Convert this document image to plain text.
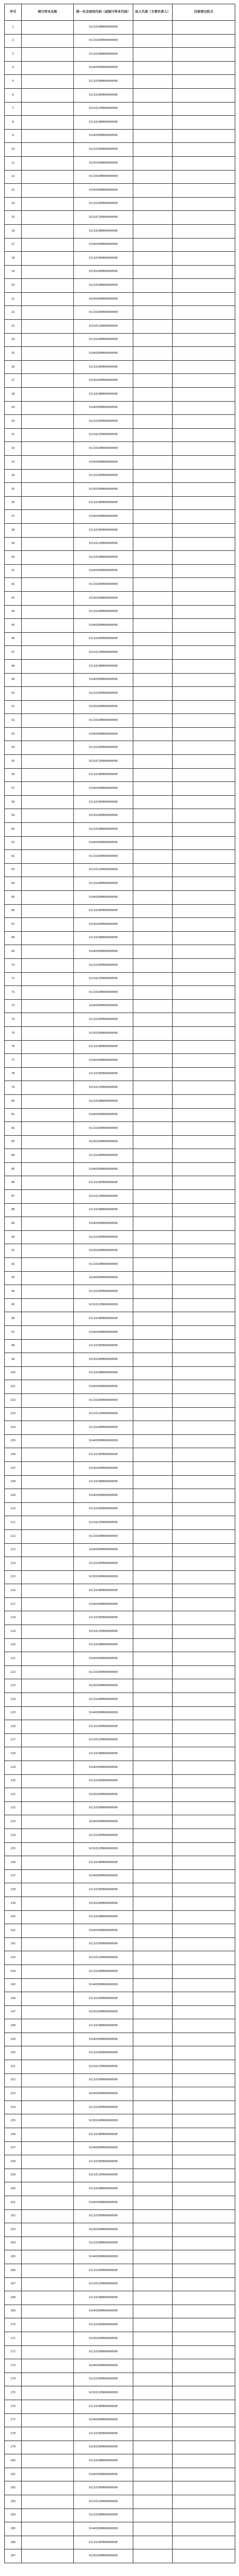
序号	统计样本名称	统一社会信用代码（或统计样本代码）	法人代表（主要负责人）	注册登记机关
1		91110108MA00000000		
2		91110105MA00000000		
3		91110108MA00000000		
4		91440300MA00000000		
5		91110108MA00000000		
6		91110105MA00000000		
7		91310115MA00000000		
8		91110108MA00000000		
9		91440300MA00000000		
10		91110105MA00000000		
11		91330100MA00000000		
12		91110108MA00000000		
13		91440300MA00000000		
14		91110105MA00000000		
15		91310115MA00000000		
16		91110108MA00000000		
17		91440300MA00000000		
18		91110105MA00000000		
19		91330100MA00000000		
20		91110108MA00000000		
21		91440300MA00000000		
22		91110105MA00000000		
23		91310115MA00000000		
24		91110108MA00000000		
25		91440300MA00000000		
26		91110105MA00000000		
27		91330100MA00000000		
28		91110108MA00000000		
29		91440300MA00000000		
30		91110105MA00000000		
31		91310115MA00000000		
32		91110108MA00000000		
33		91440300MA00000000		
34		91110105MA00000000		
35		91330100MA00000000		
36		91110108MA00000000		
37		91440300MA00000000		
38		91110105MA00000000		
39		91310115MA00000000		
40		91110108MA00000000		
41		91440300MA00000000		
42		91110105MA00000000		
43		91330100MA00000000		
44		91110108MA00000000		
45		91440300MA00000000		
46		91110105MA00000000		
47		91310115MA00000000		
48		91110108MA00000000		
49		91440300MA00000000		
50		91110105MA00000000		
51		91330100MA00000000		
52		91110108MA00000000		
53		91440300MA00000000		
54		91110105MA00000000		
55		91310115MA00000000		
56		91110108MA00000000		
57		91440300MA00000000		
58		91110105MA00000000		
59		91330100MA00000000		
60		91110108MA00000000		
61		91440300MA00000000		
62		91110105MA00000000		
63		91310115MA00000000		
64		91110108MA00000000		
65		91440300MA00000000		
66		91110105MA00000000		
67		91330100MA00000000		
68		91110108MA00000000		
69		91440300MA00000000		
70		91110105MA00000000		
71		91310115MA00000000		
72		91110108MA00000000		
73		91440300MA00000000		
74		91110105MA00000000		
75		91330100MA00000000		
76		91110108MA00000000		
77		91440300MA00000000		
78		91110105MA00000000		
79		91310115MA00000000		
80		91110108MA00000000		
81		91440300MA00000000		
82		91110105MA00000000		
83		91330100MA00000000		
84		91110108MA00000000		
85		91440300MA00000000		
86		91110105MA00000000		
87		91310115MA00000000		
88		91110108MA00000000		
89		91440300MA00000000		
90		91110105MA00000000		
91		91330100MA00000000		
92		91110108MA00000000		
93		91440300MA00000000		
94		91110105MA00000000		
95		91310115MA00000000		
96		91110108MA00000000		
97		91440300MA00000000		
98		91110105MA00000000		
99		91330100MA00000000		
100		91110108MA00000000		
101		91440300MA00000000		
102		91110105MA00000000		
103		91310115MA00000000		
104		91110108MA00000000		
105		91440300MA00000000		
106		91110105MA00000000		
107		91330100MA00000000		
108		91110108MA00000000		
109		91440300MA00000000		
110		91110105MA00000000		
111		91310115MA00000000		
112		91110108MA00000000		
113		91440300MA00000000		
114		91110105MA00000000		
115		91330100MA00000000		
116		91110108MA00000000		
117		91440300MA00000000		
118		91110105MA00000000		
119		91310115MA00000000		
120		91110108MA00000000		
121		91440300MA00000000		
122		91110105MA00000000		
123		91330100MA00000000		
124		91110108MA00000000		
125		91440300MA00000000		
126		91110105MA00000000		
127		91310115MA00000000		
128		91110108MA00000000		
129		91440300MA00000000		
130		91110105MA00000000		
131		91330100MA00000000		
132		91110108MA00000000		
133		91440300MA00000000		
134		91110105MA00000000		
135		91310115MA00000000		
136		91110108MA00000000		
137		91440300MA00000000		
138		91110105MA00000000		
139		91330100MA00000000		
140		91110108MA00000000		
141		91440300MA00000000		
142		91110105MA00000000		
143		91310115MA00000000		
144		91110108MA00000000		
145		91440300MA00000000		
146		91110105MA00000000		
147		91330100MA00000000		
148		91110108MA00000000		
149		91440300MA00000000		
150		91110105MA00000000		
151		91310115MA00000000		
152		91110108MA00000000		
153		91440300MA00000000		
154		91110105MA00000000		
155		91330100MA00000000		
156		91110108MA00000000		
157		91440300MA00000000		
158		91110105MA00000000		
159		91310115MA00000000		
160		91110108MA00000000		
161		91440300MA00000000		
162		91110105MA00000000		
163		91330100MA00000000		
164		91110108MA00000000		
165		91440300MA00000000		
166		91110105MA00000000		
167		91310115MA00000000		
168		91110108MA00000000		
169		91440300MA00000000		
170		91110105MA00000000		
171		91330100MA00000000		
172		91110108MA00000000		
173		91440300MA00000000		
174		91110105MA00000000		
175		91310115MA00000000		
176		91110108MA00000000		
177		91440300MA00000000		
178		91110105MA00000000		
179		91330100MA00000000		
180		91110108MA00000000		
181		91440300MA00000000		
182		91110105MA00000000		
183		91310115MA00000000		
184		91110108MA00000000		
185		91440300MA00000000		
186		91110105MA00000000		
187		91330100MA00000000		
